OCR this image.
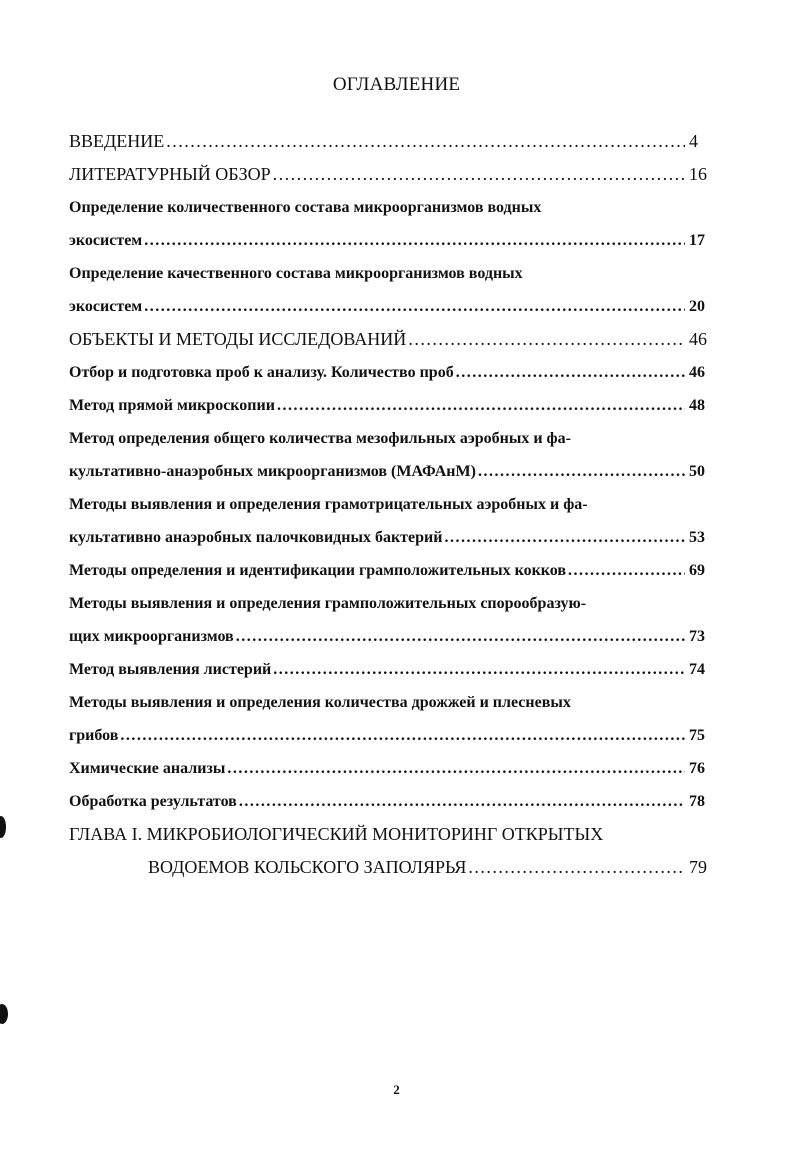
ОГЛАВЛЕНИЕ
ВВЕДЕНИЕ .....	4
ЛИТЕРАТУРНЫЙ ОБЗОР .....	16
Определение количественного состава микроорганизмов водных
экосистем .....	17
Определение качественного состава микроорганизмов водных
экосистем .....	20
ОБЪЕКТЫ И МЕТОДЫ ИССЛЕДОВАНИЙ .....	46
Отбор и подготовка проб к анализу. Количество проб .....	46
Метод прямой микроскопии .....	48
Метод определения общего количества мезофильных аэробных и фа-
культативно-анаэробных микроорганизмов (МАФАнМ) .....	50
Методы выявления и определения грамотрицательных аэробных и фа-
культативно анаэробных палочковидных бактерий .....	53
Методы определения и идентификации грамположительных кокков .....	69
Методы выявления и определения грамположительных спорообразую-
щих микроорганизмов .....	73
Метод выявления листерий .....	74
Методы выявления и определения количества дрожжей и плесневых
грибов .....	75
Химические анализы .....	76
Обработка результатов .....	78
ГЛАВА I. МИКРОБИОЛОГИЧЕСКИЙ МОНИТОРИНГ ОТКРЫТЫХ
ВОДОЕМОВ КОЛЬСКОГО ЗАПОЛЯРЬЯ .....	79
2
